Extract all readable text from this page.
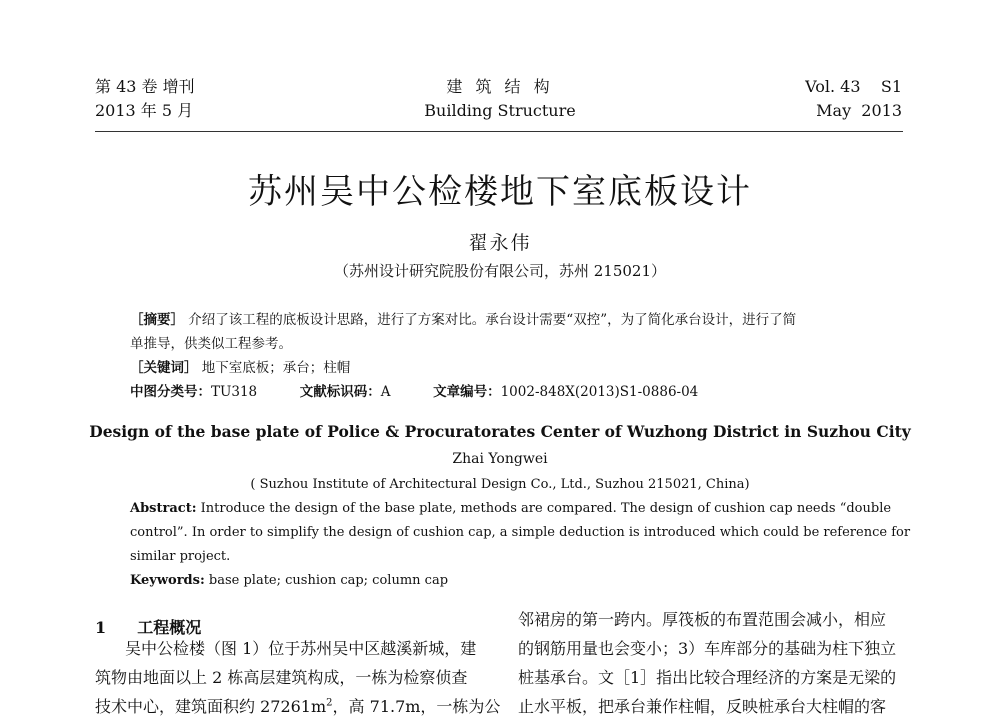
第 43 卷 增刊
2013 年 5 月
建 筑 结 构
Building Structure
Vol. 43    S1
May  2013
苏州吴中公检楼地下室底板设计
翟永伟
（苏州设计研究院股份有限公司，苏州 215021）
［摘要］ 介绍了该工程的底板设计思路，进行了方案对比。承台设计需要“双控”，为了简化承台设计，进行了简
单推导，供类似工程参考。
［关键词］ 地下室底板；承台；柱帽
中图分类号：TU318	文献标识码：A	文章编号：1002-848X(2013)S1-0886-04
Design of the base plate of Police & Procuratorates Center of Wuzhong District in Suzhou City
Zhai Yongwei
( Suzhou Institute of Architectural Design Co., Ltd., Suzhou 215021, China)
Abstract: Introduce the design of the base plate, methods are compared. The design of cushion cap needs “double
control”. In order to simplify the design of cushion cap, a simple deduction is introduced which could be reference for
similar project.
Keywords: base plate; cushion cap; column cap
1 工程概况
吴中公检楼（图 1）位于苏州吴中区越溪新城，建
筑物由地面以上 2 栋高层建筑构成，一栋为检察侦查
技术中心，建筑面积约 $27261m^2$，高 71.7m，一栋为公
邻裙房的第一跨内。厚筏板的布置范围会减小，相应
的钢筋用量也会变小；3）车库部分的基础为柱下独立
桩基承台。文［1］指出比较合理经济的方案是无梁的
止水平板，把承台兼作柱帽，反映桩承台大柱帽的客
